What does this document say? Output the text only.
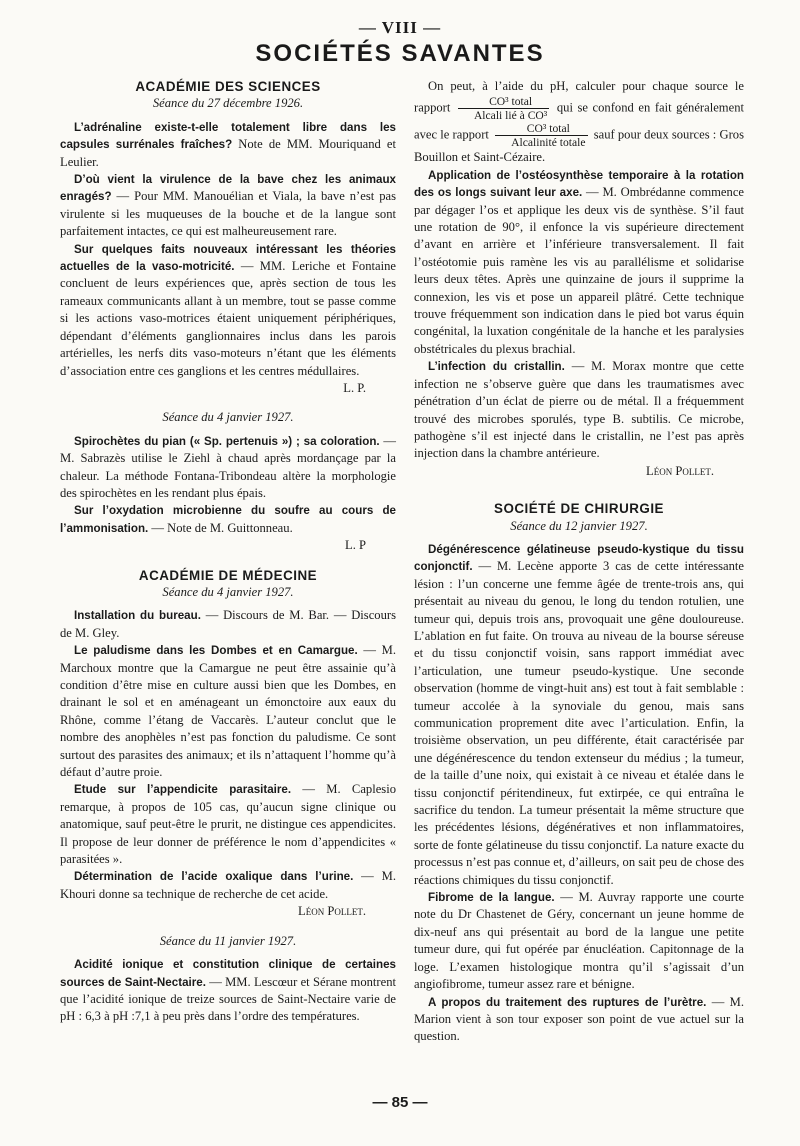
— VIII —
SOCIÉTÉS SAVANTES
ACADÉMIE DES SCIENCES
Séance du 27 décembre 1926.

L’adrénaline existe-t-elle totalement libre dans les capsules surrénales fraîches? Note de MM. Mouriquand et Leulier.

D’où vient la virulence de la bave chez les animaux enragés? — Pour MM. Manouélian et Viala, la bave n’est pas virulente si les muqueuses de la bouche et de la langue sont parfaitement intactes, ce qui est malheureusement rare.

Sur quelques faits nouveaux intéressant les théories actuelles de la vaso-motricité. — MM. Leriche et Fontaine concluent de leurs expériences que, après section de tous les rameaux communicants allant à un membre, tout se passe comme si les actions vaso-motrices étaient uniquement périphériques, dépendant d’éléments ganglionnaires inclus dans les parois artérielles, les nerfs dits vaso-moteurs n’étant que les éléments d’association entre ces ganglions et les centres médullaires.

L. P.
Séance du 4 janvier 1927.

Spirochètes du pian (« Sp. pertenuis ») ; sa coloration. — M. Sabrazès utilise le Ziehl à chaud après mordançage par la chaleur. La méthode Fontana-Tribondeau altère la morphologie des spirochètes en les rendant plus épais.

Sur l’oxydation microbienne du soufre au cours de l’ammonisation. — Note de M. Guittonneau.

L. P
ACADÉMIE DE MÉDECINE
Séance du 4 janvier 1927.

Installation du bureau. — Discours de M. Bar. — Discours de M. Gley.

Le paludisme dans les Dombes et en Camargue. — M. Marchoux montre que la Camargue ne peut être assainie qu’à condition d’être mise en culture aussi bien que les Dombes, en drainant le sol et en aménageant un émonctoire aux eaux du Rhône, comme l’étang de Vaccarès. L’auteur conclut que le nombre des anophèles n’est pas fonction du paludisme. Ce sont surtout des parasites des animaux; et ils n’attaquent l’homme qu’à défaut d’autre proie.

Etude sur l’appendicite parasitaire. — M. Caplesio remarque, à propos de 105 cas, qu’aucun signe clinique ou anatomique, sauf peut-être le prurit, ne distingue ces appendicites. Il propose de leur donner de préférence le nom d’appendicites « parasitées ».

Détermination de l’acide oxalique dans l’urine. — M. Khouri donne sa technique de recherche de cet acide.

Léon Pollet.
Séance du 11 janvier 1927.

Acidité ionique et constitution clinique de certaines sources de Saint-Nectaire. — MM. Lescœur et Sérane montrent que l’acidité ionique de treize sources de Saint-Nectaire varie de pH : 6,3 à pH :7,1 à peu près dans l’ordre des températures.

On peut, à l’aide du pH, calculer pour chaque source le rapport $\frac{\text{CO³ total}}{\text{Alcali lié à CO³}}$ qui se confond en fait généralement avec le rapport $\frac{\text{CO³ total}}{\text{Alcalinité totale}}$ sauf pour deux sources : Gros Bouillon et Saint-Cézaire.

Application de l’ostéosynthèse temporaire à la rotation des os longs suivant leur axe. — M. Ombrédanne commence par dégager l’os et applique les deux vis de synthèse. S’il faut une rotation de 90°, il enfonce la vis supérieure directement d’avant en arrière et l’inférieure transversalement. Il fait l’ostéotomie puis ramène les vis au parallélisme et solidarise leurs deux têtes. Après une quinzaine de jours il supprime la connexion, les vis et pose un appareil plâtré. Cette technique trouve fréquemment son indication dans le pied bot varus équin congénital, la luxation congénitale de la hanche et les paralysies obstétricales du plexus brachial.

L’infection du cristallin. — M. Morax montre que cette infection ne s’observe guère que dans les traumatismes avec pénétration d’un éclat de pierre ou de métal. Il a fréquemment trouvé des microbes sporulés, type B. subtilis. Ce microbe, pathogène s’il est injecté dans le cristallin, ne l’est pas après injection dans la chambre antérieure.

Léon Pollet.
SOCIÉTÉ DE CHIRURGIE
Séance du 12 janvier 1927.

Dégénérescence gélatineuse pseudo-kystique du tissu conjonctif. — M. Lecène apporte 3 cas de cette intéressante lésion : l’un concerne une femme âgée de trente-trois ans, qui présentait au niveau du genou, le long du tendon rotulien, une tumeur qui, depuis trois ans, provoquait une gêne douloureuse. L’ablation en fut faite. On trouva au niveau de la bourse séreuse et du tissu conjonctif voisin, sans rapport immédiat avec l’articulation, une tumeur pseudo-kystique. Une seconde observation (homme de vingt-huit ans) est tout à fait semblable : tumeur accolée à la synoviale du genou, mais sans communication proprement dite avec l’articulation. Enfin, la troisième observation, un peu différente, était caractérisée par une dégénérescence du tendon extenseur du médius ; la tumeur, de la taille d’une noix, qui existait à ce niveau et étalée dans le tissu conjonctif péritendineux, fut extirpée, ce qui entraîna le sacrifice du tendon. La tumeur présentait la même structure que les précédentes lésions, dégénératives et non inflammatoires, sorte de fonte gélatineuse du tissu conjonctif. La nature exacte du processus n’est pas connue et, d’ailleurs, on sait peu de chose des réactions chimiques du tissu conjonctif.

Fibrome de la langue. — M. Auvray rapporte une courte note du Dr Chastenet de Géry, concernant un jeune homme de dix-neuf ans qui présentait au bord de la langue une petite tumeur dure, qui fut opérée par énucléation. Capitonnage de la loge. L’examen histologique montra qu’il s’agissait d’un angiofibrome, tumeur assez rare et bénigne.

A propos du traitement des ruptures de l’urètre. — M. Marion vient à son tour exposer son point de vue actuel sur la question.

— 85 —
